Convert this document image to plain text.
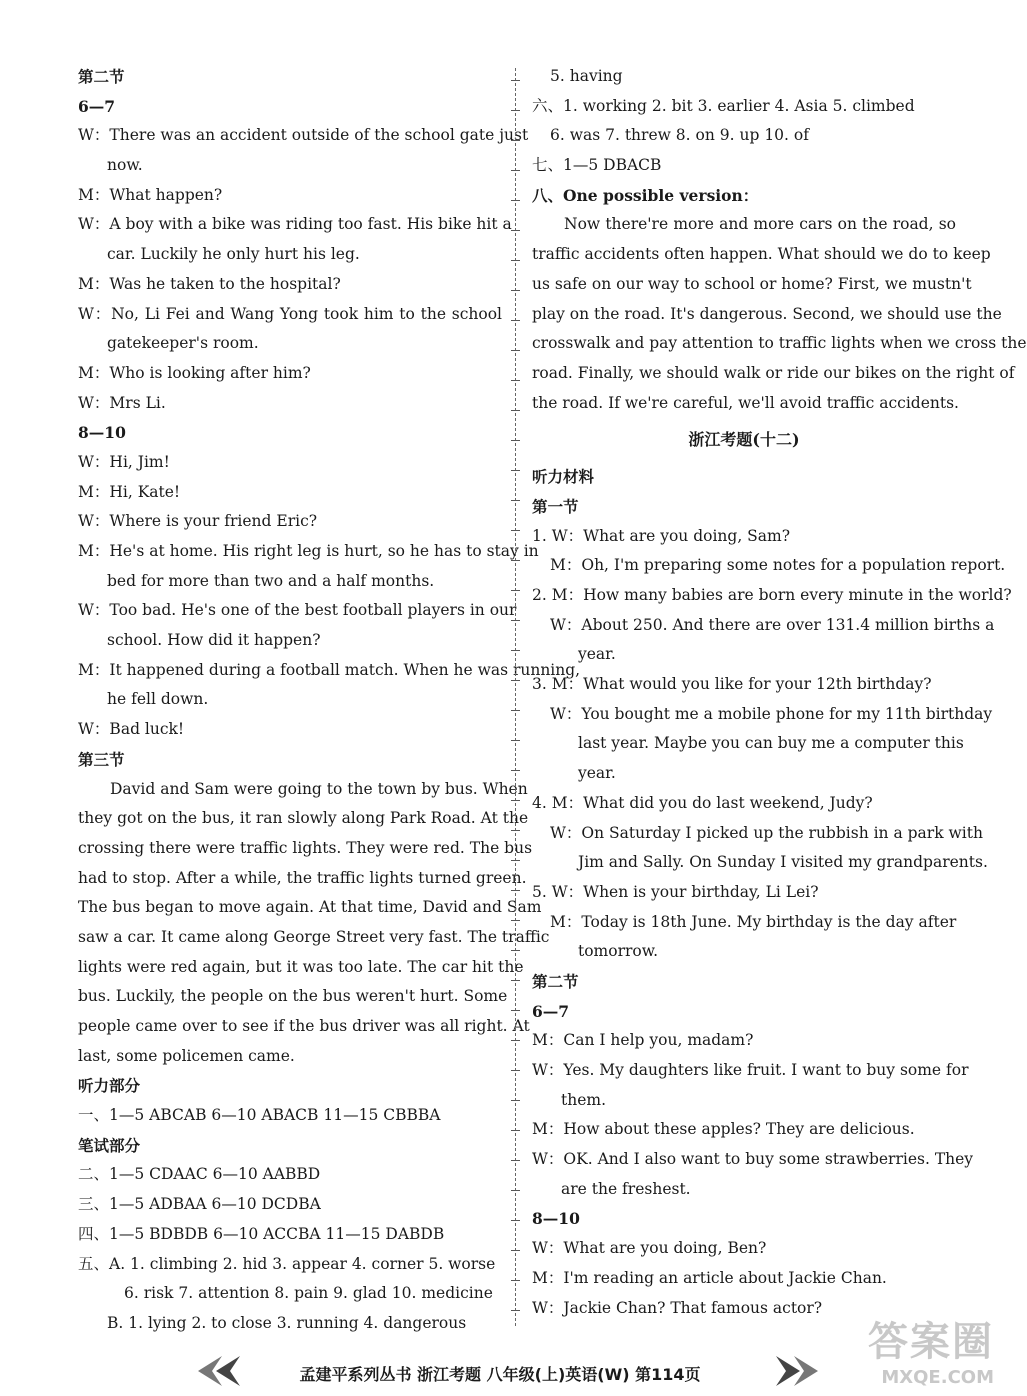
第二节
6—7
W：There was an accident outside of the school gate just
now.
M：What happen?
W：A boy with a bike was riding too fast. His bike hit a
car. Luckily he only hurt his leg.
M：Was he taken to the hospital?
W：No, Li Fei and Wang Yong took him to the school
gatekeeper's room.
M：Who is looking after him?
W：Mrs Li.
8—10
W：Hi, Jim!
M：Hi, Kate!
W：Where is your friend Eric?
M：He's at home. His right leg is hurt, so he has to stay in
bed for more than two and a half months.
W：Too bad. He's one of the best football players in our
school. How did it happen?
M：It happened during a football match. When he was running,
he fell down.
W：Bad luck!
第三节
David and Sam were going to the town by bus. When
they got on the bus, it ran slowly along Park Road. At the
crossing there were traffic lights. They were red. The bus
had to stop. After a while, the traffic lights turned green.
The bus began to move again. At that time, David and Sam
saw a car. It came along George Street very fast. The traffic
lights were red again, but it was too late. The car hit the
bus. Luckily, the people on the bus weren't hurt. Some
people came over to see if the bus driver was all right. At
last, some policemen came.
听力部分
一、1—5 ABCAB 6—10 ABACB 11—15 CBBBA
笔试部分
二、1—5 CDAAC 6—10 AABBD
三、1—5 ADBAA 6—10 DCDBA
四、1—5 BDBDB 6—10 ACCBA 11—15 DABDB
五、A. 1. climbing 2. hid 3. appear 4. corner 5. worse
6. risk 7. attention 8. pain 9. glad 10. medicine
B. 1. lying 2. to close 3. running 4. dangerous
5. having
六、1. working 2. bit 3. earlier 4. Asia 5. climbed
6. was 7. threw 8. on 9. up 10. of
七、1—5 DBACB
八、One possible version：
Now there're more and more cars on the road, so
traffic accidents often happen. What should we do to keep
us safe on our way to school or home? First, we mustn't
play on the road. It's dangerous. Second, we should use the
crosswalk and pay attention to traffic lights when we cross the
road. Finally, we should walk or ride our bikes on the right of
the road. If we're careful, we'll avoid traffic accidents.
浙江考题(十二)
听力材料
第一节
1. W：What are you doing, Sam?
M：Oh, I'm preparing some notes for a population report.
2. M：How many babies are born every minute in the world?
W：About 250. And there are over 131.4 million births a
year.
3. M：What would you like for your 12th birthday?
W：You bought me a mobile phone for my 11th birthday
last year. Maybe you can buy me a computer this
year.
4. M：What did you do last weekend, Judy?
W：On Saturday I picked up the rubbish in a park with
Jim and Sally. On Sunday I visited my grandparents.
5. W：When is your birthday, Li Lei?
M：Today is 18th June. My birthday is the day after
tomorrow.
第二节
6—7
M：Can I help you, madam?
W：Yes. My daughters like fruit. I want to buy some for
them.
M：How about these apples? They are delicious.
W：OK. And I also want to buy some strawberries. They
are the freshest.
8—10
W：What are you doing, Ben?
M：I'm reading an article about Jackie Chan.
W：Jackie Chan? That famous actor?
孟建平系列丛书 浙江考题 八年级(上)英语(W) 第114页
答案圈
MXQE.COM
